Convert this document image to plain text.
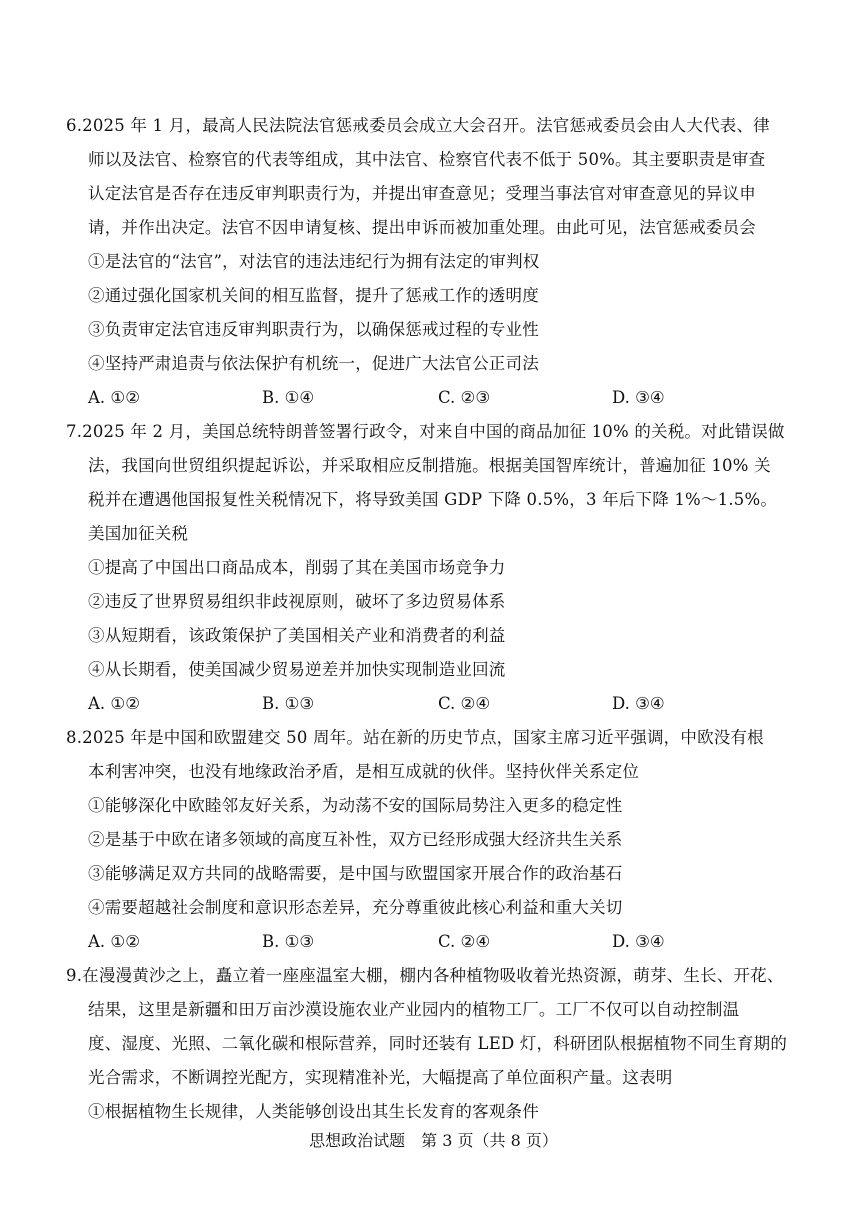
6.2025 年 1 月，最高人民法院法官惩戒委员会成立大会召开。法官惩戒委员会由人大代表、律
师以及法官、检察官的代表等组成，其中法官、检察官代表不低于 50%。其主要职责是审查
认定法官是否存在违反审判职责行为，并提出审查意见；受理当事法官对审查意见的异议申
请，并作出决定。法官不因申请复核、提出申诉而被加重处理。由此可见，法官惩戒委员会
①是法官的“法官”，对法官的违法违纪行为拥有法定的审判权
②通过强化国家机关间的相互监督，提升了惩戒工作的透明度
③负责审定法官违反审判职责行为，以确保惩戒过程的专业性
④坚持严肃追责与依法保护有机统一，促进广大法官公正司法
A. ①②	B. ①④	C. ②③	D. ③④
7.2025 年 2 月，美国总统特朗普签署行政令，对来自中国的商品加征 10% 的关税。对此错误做
法，我国向世贸组织提起诉讼，并采取相应反制措施。根据美国智库统计，普遍加征 10% 关
税并在遭遇他国报复性关税情况下，将导致美国 GDP 下降 0.5%，3 年后下降 1%～1.5%。
美国加征关税
①提高了中国出口商品成本，削弱了其在美国市场竞争力
②违反了世界贸易组织非歧视原则，破坏了多边贸易体系
③从短期看，该政策保护了美国相关产业和消费者的利益
④从长期看，使美国减少贸易逆差并加快实现制造业回流
A. ①②	B. ①③	C. ②④	D. ③④
8.2025 年是中国和欧盟建交 50 周年。站在新的历史节点，国家主席习近平强调，中欧没有根
本利害冲突，也没有地缘政治矛盾，是相互成就的伙伴。坚持伙伴关系定位
①能够深化中欧睦邻友好关系，为动荡不安的国际局势注入更多的稳定性
②是基于中欧在诸多领域的高度互补性，双方已经形成强大经济共生关系
③能够满足双方共同的战略需要，是中国与欧盟国家开展合作的政治基石
④需要超越社会制度和意识形态差异，充分尊重彼此核心利益和重大关切
A. ①②	B. ①③	C. ②④	D. ③④
9.在漫漫黄沙之上，矗立着一座座温室大棚，棚内各种植物吸收着光热资源，萌芽、生长、开花、
结果，这里是新疆和田万亩沙漠设施农业产业园内的植物工厂。工厂不仅可以自动控制温
度、湿度、光照、二氧化碳和根际营养，同时还装有 LED 灯，科研团队根据植物不同生育期的
光合需求，不断调控光配方，实现精准补光，大幅提高了单位面积产量。这表明
①根据植物生长规律，人类能够创设出其生长发育的客观条件
思想政治试题　第 3 页（共 8 页）
